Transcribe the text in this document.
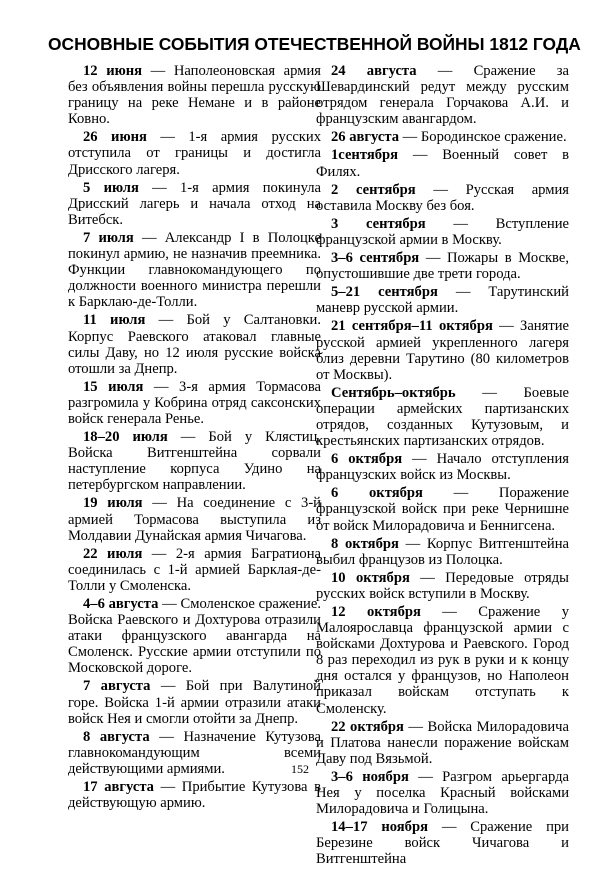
ОСНОВНЫЕ СОБЫТИЯ ОТЕЧЕСТВЕННОЙ ВОЙНЫ 1812 ГОДА

12 июня — Наполеоновская армия без объявления войны перешла русскую границу на реке Немане и в районе Ковно.

26 июня — 1-я армия русских отступила от границы и достигла Дрисского лагеря.

5 июля — 1-я армия покинула Дрисский лагерь и начала отход на Витебск.

7 июля — Александр I в Полоцке покинул армию, не назначив преемника. Функции главнокомандующего по должности военного министра перешли к Барклаю-де-Толли.

11 июля — Бой у Салтановки. Корпус Раевского атаковал главные силы Даву, но 12 июля русские войска отошли за Днепр.

15 июля — 3-я армия Тормасова разгромила у Кобрина отряд саксонских войск генерала Ренье.

18–20 июля — Бой у Клястиц. Войска Витгенштейна сорвали наступление корпуса Удино на петербургском направлении.

19 июля — На соединение с 3-й армией Тормасова выступила из Молдавии Дунайская армия Чичагова.

22 июля — 2-я армия Багратиона соединилась с 1-й армией Барклая-де-Толли у Смоленска.

4–6 августа — Смоленское сражение. Войска Раевского и Дохтурова отразили атаки французского авангарда на Смоленск. Русские армии отступили по Московской дороге.

7 августа — Бой при Валутиной горе. Войска 1-й армии отразили атаки войск Нея и смогли отойти за Днепр.

8 августа — Назначение Кутузова главнокомандующим всеми действующими армиями.

17 августа — Прибытие Кутузова в действующую армию.

24 августа — Сражение за Шевардинский редут между русским отрядом генерала Горчакова А.И. и французским авангардом.

26 августа — Бородинское сражение.

1сентября — Военный совет в Филях.

2 сентября — Русская армия оставила Москву без боя.

3 сентября — Вступление французской армии в Москву.

3–6 сентября — Пожары в Москве, опустошившие две трети города.

5–21 сентября — Тарутинский маневр русской армии.

21 сентября–11 октября — Занятие русской армией укрепленного лагеря близ деревни Тарутино (80 километров от Москвы).

Сентябрь–октябрь — Боевые операции армейских партизанских отрядов, созданных Кутузовым, и крестьянских партизанских отрядов.

6 октября — Начало отступления французских войск из Москвы.

6 октября — Поражение французской войск при реке Чернишне от войск Милорадовича и Беннигсена.

8 октября — Корпус Витгенштейна выбил французов из Полоцка.

10 октября — Передовые отряды русских войск вступили в Москву.

12 октября — Сражение у Малоярославца французской армии с войсками Дохтурова и Раевского. Город 8 раз переходил из рук в руки и к концу дня остался у французов, но Наполеон приказал войскам отступать к Смоленску.

22 октября — Войска Милорадовича и Платова нанесли поражение войскам Даву под Вязьмой.

3–6 ноября — Разгром арьергарда Нея у поселка Красный войсками Милорадовича и Голицына.

14–17 ноября — Сражение при Березине войск Чичагова и Витгенштейна

152
